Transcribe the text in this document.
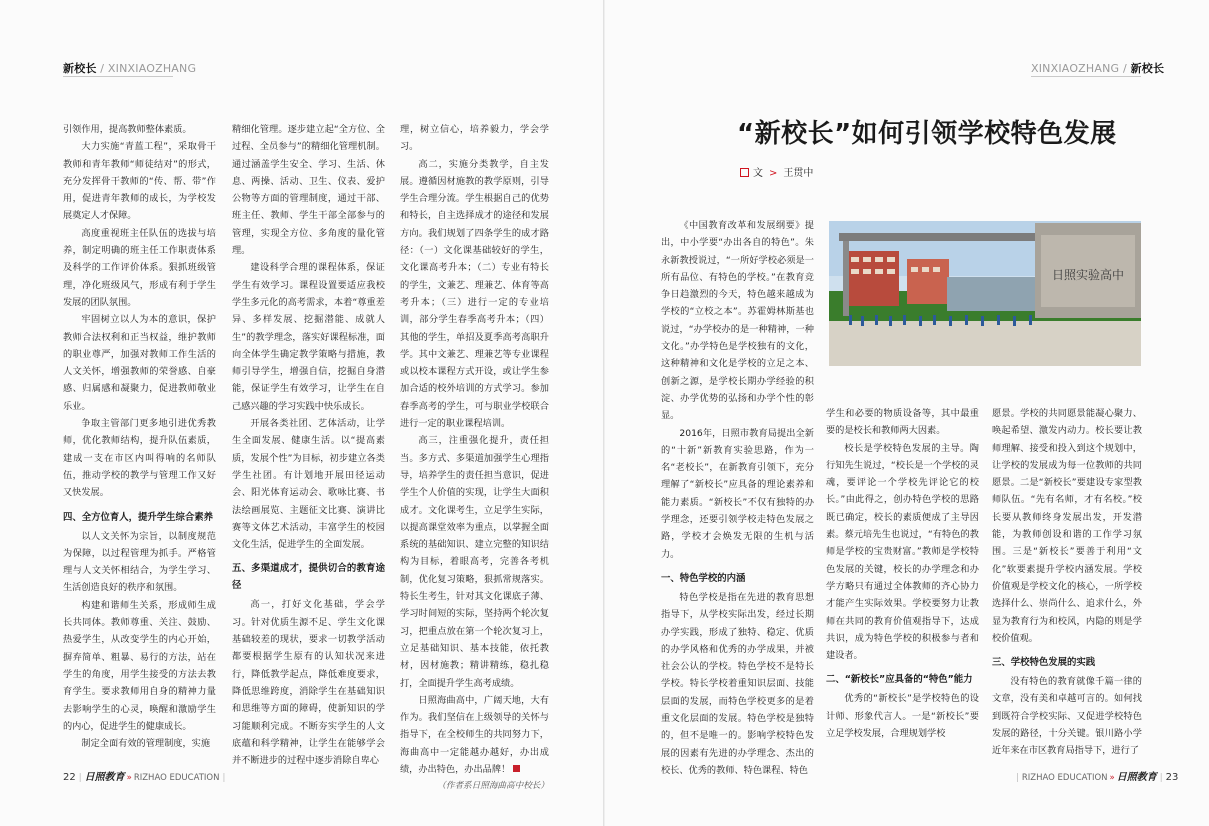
新校长 / XINXIAOZHANG

引领作用，提高教师整体素质。

大力实施“青蓝工程”，采取骨干教师和青年教师“师徒结对”的形式，充分发挥骨干教师的“传、帮、带”作用，促进青年教师的成长，为学校发展奠定人才保障。

高度重视班主任队伍的选拔与培养，制定明确的班主任工作职责体系及科学的工作评价体系。狠抓班级管理，净化班级风气，形成有利于学生发展的团队氛围。

牢固树立以人为本的意识，保护教师合法权利和正当权益，维护教师的职业尊严，加强对教师工作生活的人文关怀，增强教师的荣誉感、自豪感、归属感和凝聚力，促进教师敬业乐业。

争取主管部门更多地引进优秀教师，优化教师结构，提升队伍素质，建成一支在市区内叫得响的名师队伍，推动学校的教学与管理工作又好又快发展。

四、全方位育人，提升学生综合素养

以人文关怀为宗旨，以制度规范为保障，以过程管理为抓手。严格管理与人文关怀相结合，为学生学习、生活创造良好的秩序和氛围。

构建和谐师生关系，形成师生成长共同体。教师尊重、关注、鼓励、热爱学生，从改变学生的内心开始，摒弃简单、粗暴、易行的方法，站在学生的角度，用学生接受的方法去教育学生。要求教师用自身的精神力量去影响学生的心灵，唤醒和激励学生的内心，促进学生的健康成长。

制定全面有效的管理制度，实施

精细化管理。逐步建立起“全方位、全过程、全员参与”的精细化管理机制。通过涵盖学生安全、学习、生活、休息、两操、活动、卫生、仪表、爱护公物等方面的管理制度，通过干部、班主任、教师、学生干部全部参与的管理，实现全方位、多角度的量化管理。

建设科学合理的课程体系，保证学生有效学习。课程设置要适应我校学生多元化的高考需求，本着“尊重差异、多样发展、挖掘潜能、成就人生”的教学理念，落实好课程标准，面向全体学生确定教学策略与措施，教师引导学生，增强自信，挖掘自身潜能，保证学生有效学习，让学生在自己感兴趣的学习实践中快乐成长。

开展各类社团、艺体活动，让学生全面发展、健康生活。以“提高素质，发展个性”为目标，初步建立各类学生社团。有计划地开展田径运动会、阳光体育运动会、歌咏比赛、书法绘画展览、主题征文比赛、演讲比赛等文体艺术活动，丰富学生的校园文化生活，促进学生的全面发展。

五、多渠道成才，提供切合的教育途径

高一，打好文化基础，学会学习。针对优质生源不足、学生文化课基础较差的现状，要求一切教学活动都要根据学生原有的认知状况来进行，降低教学起点，降低难度要求，降低思维跨度，消除学生在基础知识和思维等方面的障碍，使新知识的学习能顺利完成。不断夯实学生的人文底蕴和科学精神，让学生在能够学会并不断进步的过程中逐步消除自卑心

理，树立信心，培养毅力，学会学习。

高二，实施分类教学，自主发展。遵循因材施教的教学原则，引导学生合理分流。学生根据自己的优势和特长，自主选择成才的途径和发展方向。我们规划了四条学生的成才路径：（一）文化课基础较好的学生，文化课高考升本；（二）专业有特长的学生，文兼艺、理兼艺、体育等高考升本；（三）进行一定的专业培训，部分学生春季高考升本；（四）其他的学生，单招及夏季高考高职升学。其中文兼艺、理兼艺等专业课程或以校本课程方式开设，或让学生参加合适的校外培训的方式学习。参加春季高考的学生，可与职业学校联合进行一定的职业课程培训。

高三，注重强化提升，责任担当。多方式、多渠道加强学生心理指导，培养学生的责任担当意识，促进学生个人价值的实现，让学生大面积成才。文化课考生，立足学生实际，以提高课堂效率为重点，以掌握全面系统的基础知识、建立完整的知识结构为目标，着眼高考，完善各考机制，优化复习策略，狠抓常规落实。特长生考生，针对其文化课底子薄、学习时间短的实际，坚持两个轮次复习，把重点放在第一个轮次复习上，立足基础知识、基本技能，依托教材，因材施教；精讲精练，稳扎稳打，全面提升学生高考成绩。

日照海曲高中，广阔天地，大有作为。我们坚信在上级领导的关怀与指导下，在全校师生的共同努力下，海曲高中一定能越办越好，办出成绩，办出特色，办出品牌！

（作者系日照海曲高中校长）
22 | 日照教育 » RIZHAO EDUCATION |
XINXIAOZHANG / 新校长
“新校长”如何引领学校特色发展
文 > 王贯中
日照实验高中

《中国教育改革和发展纲要》提出，中小学要“办出各自的特色”。朱永新教授说过，“一所好学校必须是一所有品位、有特色的学校。”在教育竞争日趋激烈的今天，特色越来越成为学校的“立校之本”。苏霍姆林斯基也说过，“办学校办的是一种精神，一种文化。”办学特色是学校独有的文化，这种精神和文化是学校的立足之本、创新之源，是学校长期办学经验的积淀、办学优势的弘扬和办学个性的彰显。

2016年，日照市教育局提出全新的“十新”新教育实验思路，作为一名“老校长”，在新教育引领下，充分理解了“新校长”应具备的理论素养和能力素质。“新校长”不仅有独特的办学理念，还要引领学校走特色发展之路，学校才会焕发无限的生机与活力。

一、特色学校的内涵

特色学校是指在先进的教育思想指导下，从学校实际出发，经过长期办学实践，形成了独特、稳定、优质的办学风格和优秀的办学成果，并被社会公认的学校。特色学校不是特长学校。特长学校着重知识层面、技能层面的发展，而特色学校更多的是着重文化层面的发展。特色学校是独特的，但不是唯一的。影响学校特色发展的因素有先进的办学理念、杰出的校长、优秀的教师、特色课程、特色

学生和必要的物质设备等，其中最重要的是校长和教师两大因素。

校长是学校特色发展的主导。陶行知先生说过，“校长是一个学校的灵魂，要评论一个学校先评论它的校长。”由此得之，创办特色学校的思路既已确定，校长的素质便成了主导因素。蔡元培先生也说过，“有特色的教师是学校的宝贵财富。”教师是学校特色发展的关键，校长的办学理念和办学方略只有通过全体教师的齐心协力才能产生实际效果。学校要努力让教师在共同的教育价值观指导下，达成共识，成为特色学校的积极参与者和建设者。

二、“新校长”应具备的“特色”能力

优秀的“新校长”是学校特色的设计师、形象代言人。一是“新校长”要立足学校发展，合理规划学校

愿景。学校的共同愿景能凝心聚力、唤起希望、激发内动力。校长要让教师理解、接受和投入到这个规划中，让学校的发展成为每一位教师的共同愿景。二是“新校长”要建设专家型教师队伍。“先有名师，才有名校。”校长要从教师终身发展出发，开发潜能，为教师创设和谐的工作学习氛围。三是“新校长”要善于利用“文化”软要素提升学校内涵发展。学校价值观是学校文化的核心，一所学校选择什么、崇尚什么、追求什么，外显为教育行为和校风，内隐的则是学校价值观。

三、学校特色发展的实践

没有特色的教育就像千篇一律的文章，没有美和卓越可言的。如何找到既符合学校实际、又促进学校特色发展的路径，十分关键。银川路小学近年来在市区教育局指导下，进行了

| RIZHAO EDUCATION » 日照教育 | 23
